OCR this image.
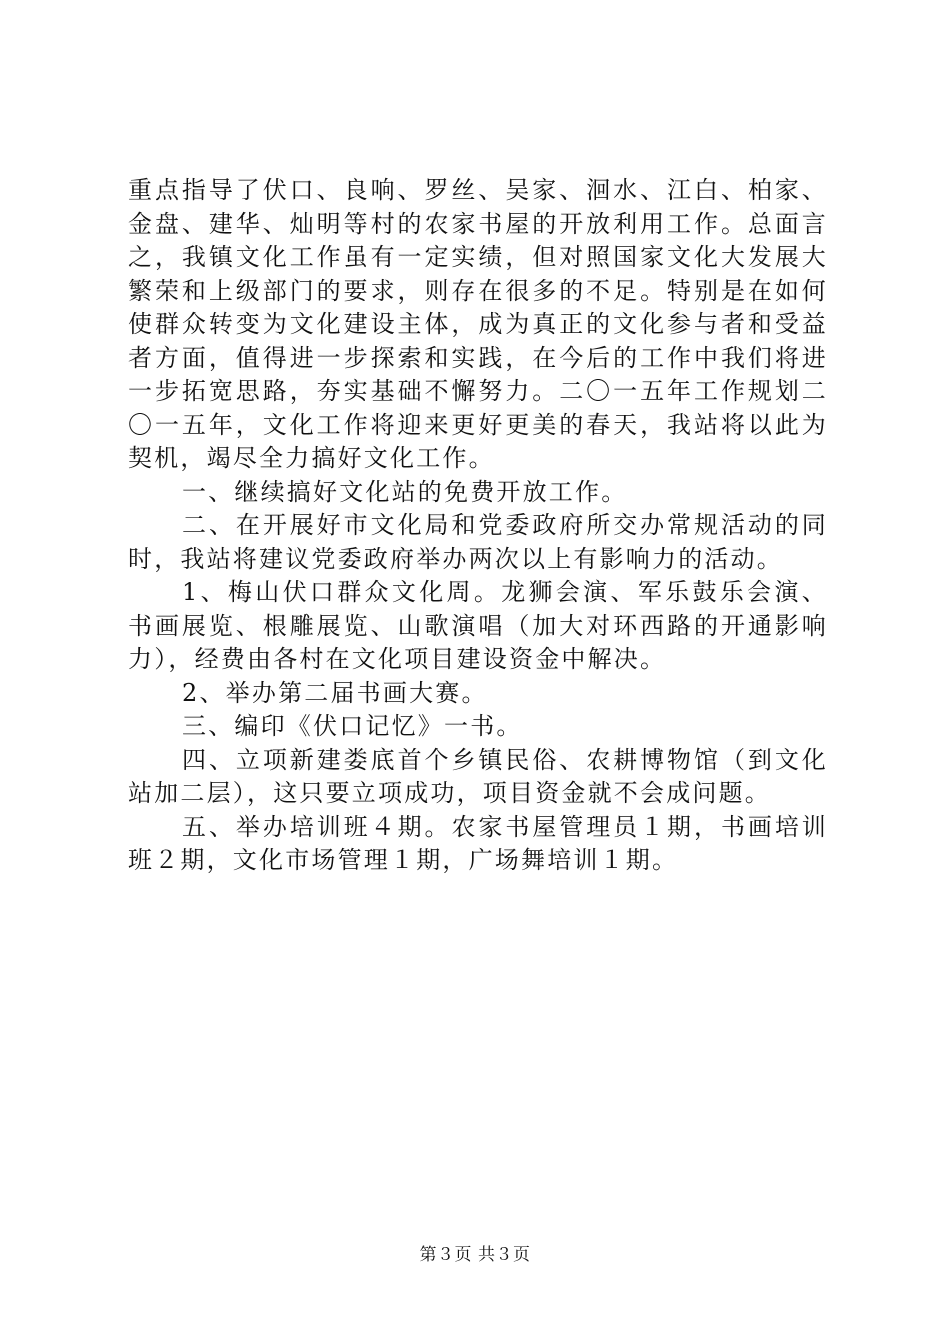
重点指导了伏口、良响、罗丝、吴家、洄水、江白、柏家、金盘、建华、灿明等村的农家书屋的开放利用工作。总面言之，我镇文化工作虽有一定实绩，但对照国家文化大发展大繁荣和上级部门的要求，则存在很多的不足。特别是在如何使群众转变为文化建设主体，成为真正的文化参与者和受益者方面，值得进一步探索和实践，在今后的工作中我们将进一步拓宽思路，夯实基础不懈努力。二〇一五年工作规划二〇一五年，文化工作将迎来更好更美的春天，我站将以此为契机，竭尽全力搞好文化工作。

一、继续搞好文化站的免费开放工作。

二、在开展好市文化局和党委政府所交办常规活动的同时，我站将建议党委政府举办两次以上有影响力的活动。

1、梅山伏口群众文化周。龙狮会演、军乐鼓乐会演、书画展览、根雕展览、山歌演唱（加大对环西路的开通影响力），经费由各村在文化项目建设资金中解决。

2、举办第二届书画大赛。

三、编印《伏口记忆》一书。

四、立项新建娄底首个乡镇民俗、农耕博物馆（到文化站加二层），这只要立项成功，项目资金就不会成问题。

五、举办培训班４期。农家书屋管理员１期，书画培训班２期，文化市场管理１期，广场舞培训１期。

第３页 共３页
